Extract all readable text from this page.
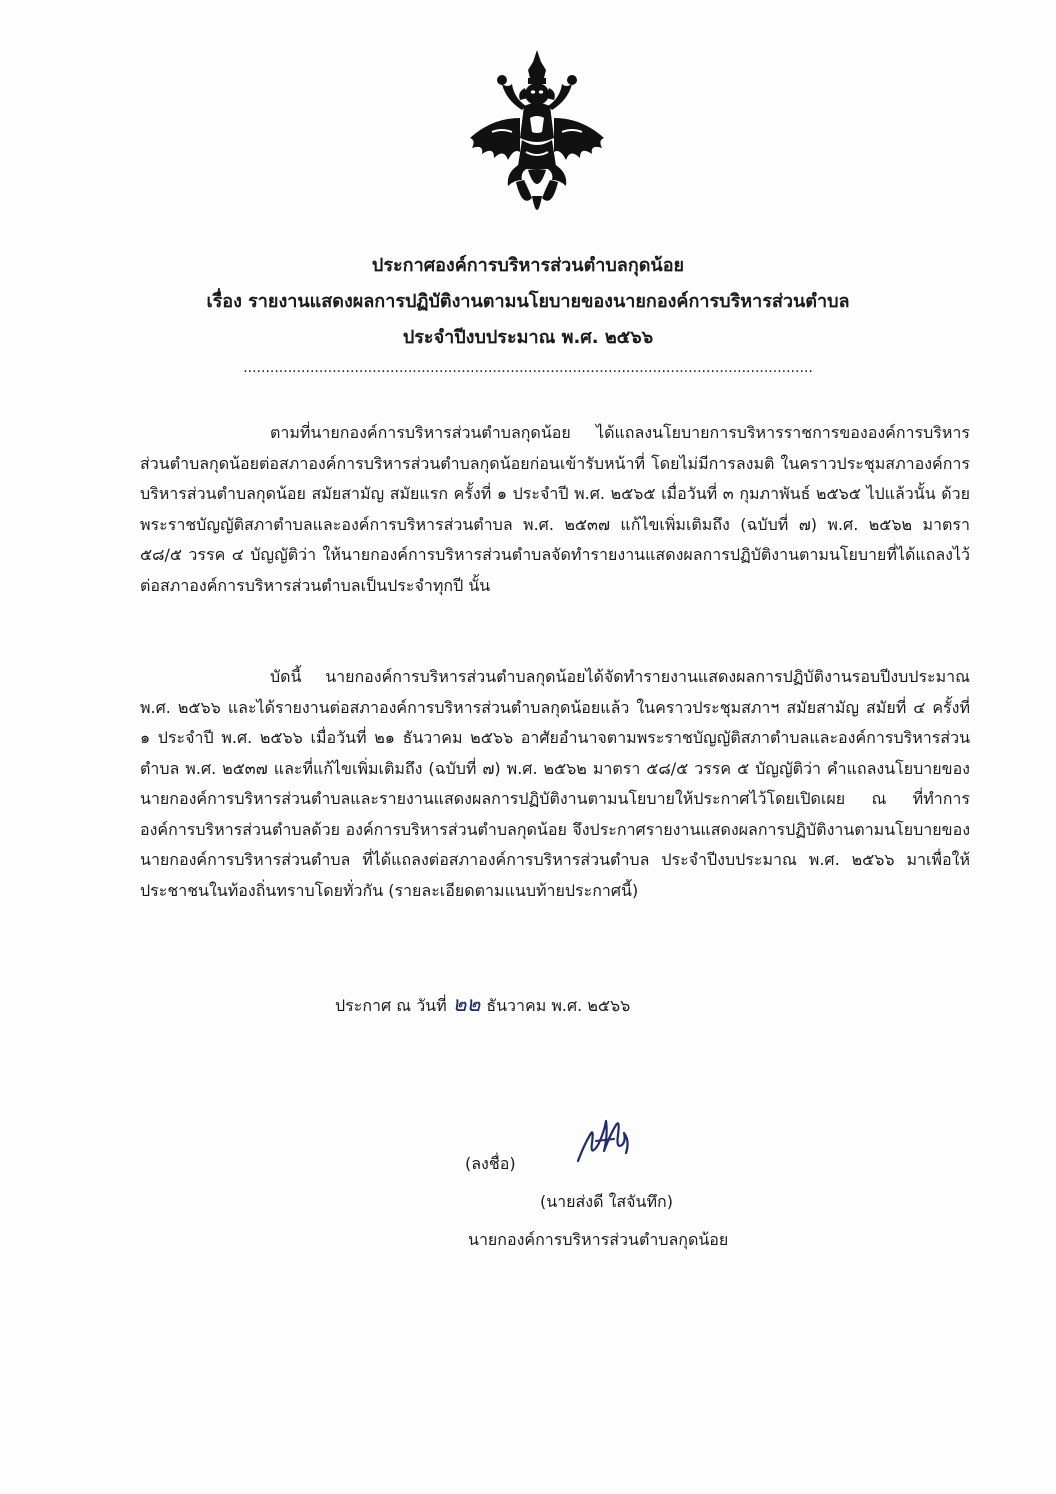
ประกาศองค์การบริหารส่วนตำบลกุดน้อย
เรื่อง รายงานแสดงผลการปฏิบัติงานตามนโยบายของนายกองค์การบริหารส่วนตำบล
ประจำปีงบประมาณ พ.ศ. ๒๕๖๖
................................................................................................................................
ตามที่นายกองค์การบริหารส่วนตำบลกุดน้อย ได้แถลงนโยบายการบริหารราชการขององค์การบริหารส่วนตำบลกุดน้อยต่อสภาองค์การบริหารส่วนตำบลกุดน้อยก่อนเข้ารับหน้าที่ โดยไม่มีการลงมติ ในคราวประชุมสภาองค์การบริหารส่วนตำบลกุดน้อย สมัยสามัญ สมัยแรก ครั้งที่ ๑ ประจำปี พ.ศ. ๒๕๖๕ เมื่อวันที่ ๓ กุมภาพันธ์ ๒๕๖๕ ไปแล้วนั้น ด้วยพระราชบัญญัติสภาตำบลและองค์การบริหารส่วนตำบล พ.ศ. ๒๕๓๗ แก้ไขเพิ่มเติมถึง (ฉบับที่ ๗) พ.ศ. ๒๕๖๒ มาตรา ๕๘/๕ วรรค ๔ บัญญัติว่า ให้นายกองค์การบริหารส่วนตำบลจัดทำรายงานแสดงผลการปฏิบัติงานตามนโยบายที่ได้แถลงไว้ต่อสภาองค์การบริหารส่วนตำบลเป็นประจำทุกปี นั้น
บัดนี้ นายกองค์การบริหารส่วนตำบลกุดน้อยได้จัดทำรายงานแสดงผลการปฏิบัติงานรอบปีงบประมาณ พ.ศ. ๒๕๖๖ และได้รายงานต่อสภาองค์การบริหารส่วนตำบลกุดน้อยแล้ว ในคราวประชุมสภาฯ สมัยสามัญ สมัยที่ ๔ ครั้งที่ ๑ ประจำปี พ.ศ. ๒๕๖๖ เมื่อวันที่ ๒๑ ธันวาคม ๒๕๖๖ อาศัยอำนาจตามพระราชบัญญัติสภาตำบลและองค์การบริหารส่วนตำบล พ.ศ. ๒๕๓๗ และที่แก้ไขเพิ่มเติมถึง (ฉบับที่ ๗) พ.ศ. ๒๕๖๒ มาตรา ๕๘/๕ วรรค ๕ บัญญัติว่า คำแถลงนโยบายของนายกองค์การบริหารส่วนตำบลและรายงานแสดงผลการปฏิบัติงานตามนโยบายให้ประกาศไว้โดยเปิดเผย ณ ที่ทำการองค์การบริหารส่วนตำบลด้วย องค์การบริหารส่วนตำบลกุดน้อย จึงประกาศรายงานแสดงผลการปฏิบัติงานตามนโยบายของนายกองค์การบริหารส่วนตำบล ที่ได้แถลงต่อสภาองค์การบริหารส่วนตำบล ประจำปีงบประมาณ พ.ศ. ๒๕๖๖ มาเพื่อให้ประชาชนในท้องถิ่นทราบโดยทั่วกัน (รายละเอียดตามแนบท้ายประกาศนี้)
ประกาศ ณ วันที่ ๒๒ ธันวาคม พ.ศ. ๒๕๖๖
(ลงชื่อ)
(นายส่งดี ใสจันทึก)
นายกองค์การบริหารส่วนตำบลกุดน้อย
